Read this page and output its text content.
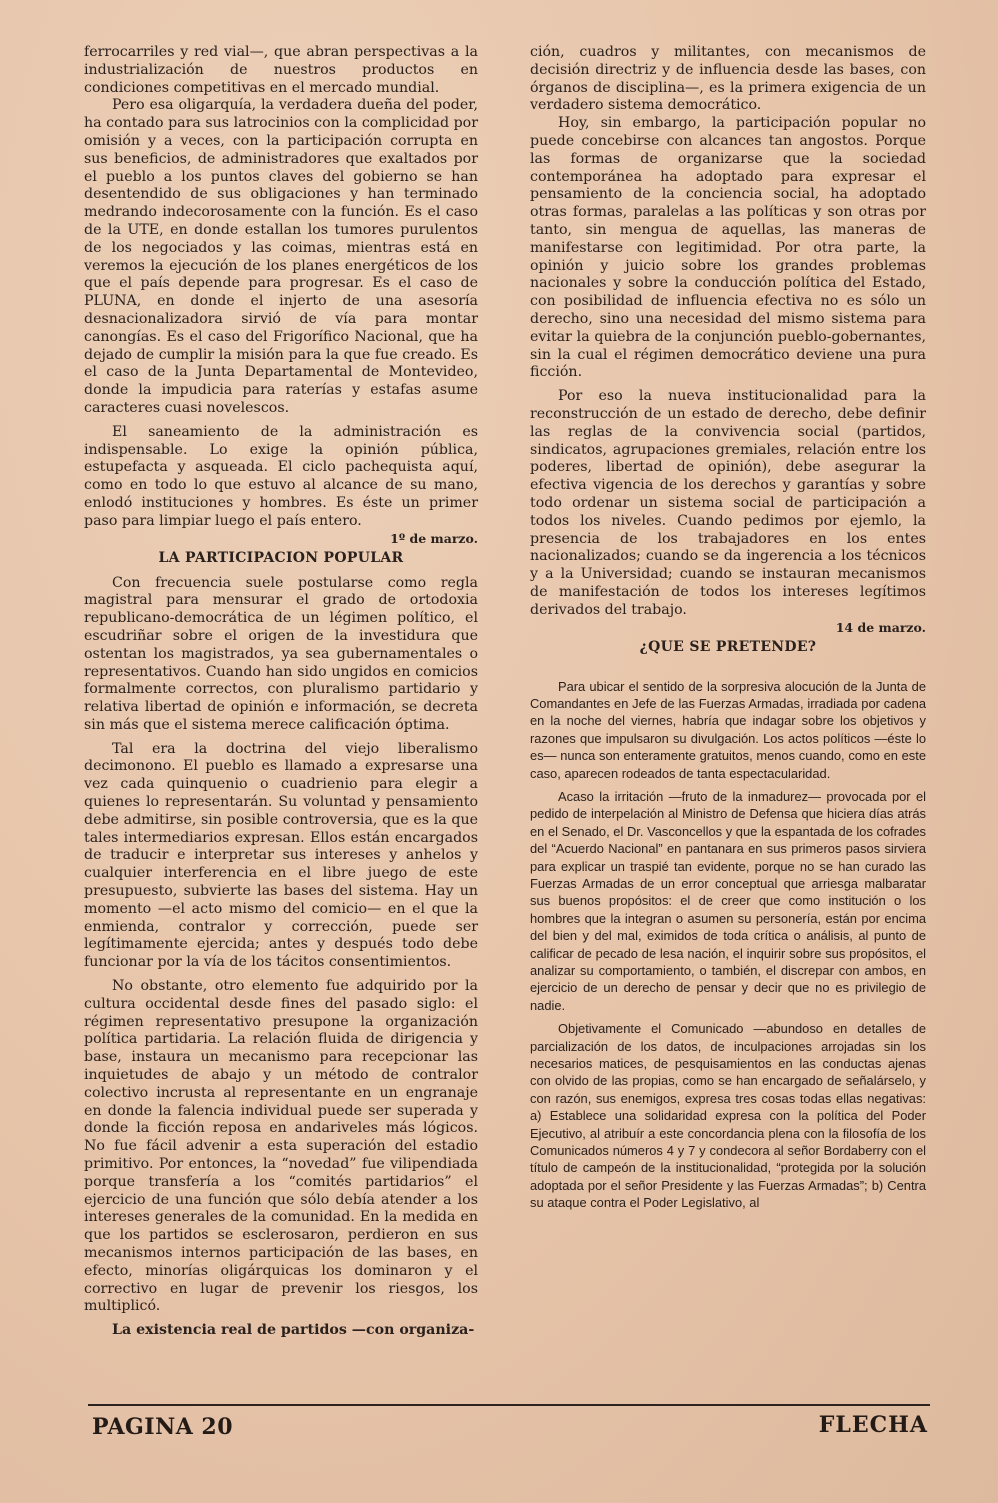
ferrocarriles y red vial—, que abran perspectivas a la industrialización de nuestros productos en condiciones competitivas en el mercado mundial.

Pero esa oligarquía, la verdadera dueña del poder, ha contado para sus latrocinios con la complicidad por omisión y a veces, con la participación corrupta en sus beneficios, de administradores que exaltados por el pueblo a los puntos claves del gobierno se han desentendido de sus obligaciones y han terminado medrando indecorosamente con la función. Es el caso de la UTE, en donde estallan los tumores purulentos de los negociados y las coimas, mientras está en veremos la ejecución de los planes energéticos de los que el país depende para progresar. Es el caso de PLUNA, en donde el injerto de una asesoría desnacionalizadora sirvió de vía para montar canongías. Es el caso del Frigorífico Nacional, que ha dejado de cumplir la misión para la que fue creado. Es el caso de la Junta Departamental de Montevideo, donde la impudicia para raterías y estafas asume caracteres cuasi novelescos.

El saneamiento de la administración es indispensable. Lo exige la opinión pública, estupefacta y asqueada. El ciclo pachequista aquí, como en todo lo que estuvo al alcance de su mano, enlodó instituciones y hombres. Es éste un primer paso para limpiar luego el país entero.

1º de marzo.

LA PARTICIPACION POPULAR

Con frecuencia suele postularse como regla magistral para mensurar el grado de ortodoxia republicano-democrática de un légimen político, el escudriñar sobre el origen de la investidura que ostentan los magistrados, ya sea gubernamentales o representativos. Cuando han sido ungidos en comicios formalmente correctos, con pluralismo partidario y relativa libertad de opinión e información, se decreta sin más que el sistema merece calificación óptima.

Tal era la doctrina del viejo liberalismo decimonono. El pueblo es llamado a expresarse una vez cada quinquenio o cuadrienio para elegir a quienes lo representarán. Su voluntad y pensamiento debe admitirse, sin posible controversia, que es la que tales intermediarios expresan. Ellos están encargados de traducir e interpretar sus intereses y anhelos y cualquier interferencia en el libre juego de este presupuesto, subvierte las bases del sistema. Hay un momento —el acto mismo del comicio— en el que la enmienda, contralor y corrección, puede ser legítimamente ejercida; antes y después todo debe funcionar por la vía de los tácitos consentimientos.

No obstante, otro elemento fue adquirido por la cultura occidental desde fines del pasado siglo: el régimen representativo presupone la organización política partidaria. La relación fluida de dirigencia y base, instaura un mecanismo para recepcionar las inquietudes de abajo y un método de contralor colectivo incrusta al representante en un engranaje en donde la falencia individual puede ser superada y donde la ficción reposa en andariveles más lógicos. No fue fácil advenir a esta superación del estadio primitivo. Por entonces, la “novedad” fue vilipendiada porque transfería a los “comités partidarios” el ejercicio de una función que sólo debía atender a los intereses generales de la comunidad. En la medida en que los partidos se esclerosaron, perdieron en sus mecanismos internos participación de las bases, en efecto, minorías oligárquicas los dominaron y el correctivo en lugar de prevenir los riesgos, los multiplicó.

La existencia real de partidos —con organiza-

ción, cuadros y militantes, con mecanismos de decisión directriz y de influencia desde las bases, con órganos de disciplina—, es la primera exigencia de un verdadero sistema democrático.

Hoy, sin embargo, la participación popular no puede concebirse con alcances tan angostos. Porque las formas de organizarse que la sociedad contemporánea ha adoptado para expresar el pensamiento de la conciencia social, ha adoptado otras formas, paralelas a las políticas y son otras por tanto, sin mengua de aquellas, las maneras de manifestarse con legitimidad. Por otra parte, la opinión y juicio sobre los grandes problemas nacionales y sobre la conducción política del Estado, con posibilidad de influencia efectiva no es sólo un derecho, sino una necesidad del mismo sistema para evitar la quiebra de la conjunción pueblo-gobernantes, sin la cual el régimen democrático deviene una pura ficción.

Por eso la nueva institucionalidad para la reconstrucción de un estado de derecho, debe definir las reglas de la convivencia social (partidos, sindicatos, agrupaciones gremiales, relación entre los poderes, libertad de opinión), debe asegurar la efectiva vigencia de los derechos y garantías y sobre todo ordenar un sistema social de participación a todos los niveles. Cuando pedimos por ejemlo, la presencia de los trabajadores en los entes nacionalizados; cuando se da ingerencia a los técnicos y a la Universidad; cuando se instauran mecanismos de manifestación de todos los intereses legítimos derivados del trabajo.

14 de marzo.

¿QUE SE PRETENDE?

Para ubicar el sentido de la sorpresiva alocución de la Junta de Comandantes en Jefe de las Fuerzas Armadas, irradiada por cadena en la noche del viernes, habría que indagar sobre los objetivos y razones que impulsaron su divulgación. Los actos políticos —éste lo es— nunca son enteramente gratuitos, menos cuando, como en este caso, aparecen rodeados de tanta espectacularidad.

Acaso la irritación —fruto de la inmadurez— provocada por el pedido de interpelación al Ministro de Defensa que hiciera días atrás en el Senado, el Dr. Vasconcellos y que la espantada de los cofrades del “Acuerdo Nacional” en pantanara en sus primeros pasos sirviera para explicar un traspié tan evidente, porque no se han curado las Fuerzas Armadas de un error conceptual que arriesga malbaratar sus buenos propósitos: el de creer que como institución o los hombres que la integran o asumen su personería, están por encima del bien y del mal, eximidos de toda crítica o análisis, al punto de calificar de pecado de lesa nación, el inquirir sobre sus propósitos, el analizar su comportamiento, o también, el discrepar con ambos, en ejercicio de un derecho de pensar y decir que no es privilegio de nadie.

Objetivamente el Comunicado —abundoso en detalles de parcialización de los datos, de inculpaciones arrojadas sin los necesarios matices, de pesquisamientos en las conductas ajenas con olvido de las propias, como se han encargado de señalárselo, y con razón, sus enemigos, expresa tres cosas todas ellas negativas: a) Establece una solidaridad expresa con la política del Poder Ejecutivo, al atribuír a este concordancia plena con la filosofía de los Comunicados números 4 y 7 y condecora al señor Bordaberry con el título de campeón de la institucionalidad, “protegida por la solución adoptada por el señor Presidente y las Fuerzas Armadas”; b) Centra su ataque contra el Poder Legislativo, al

PAGINA 20	FLECHA
